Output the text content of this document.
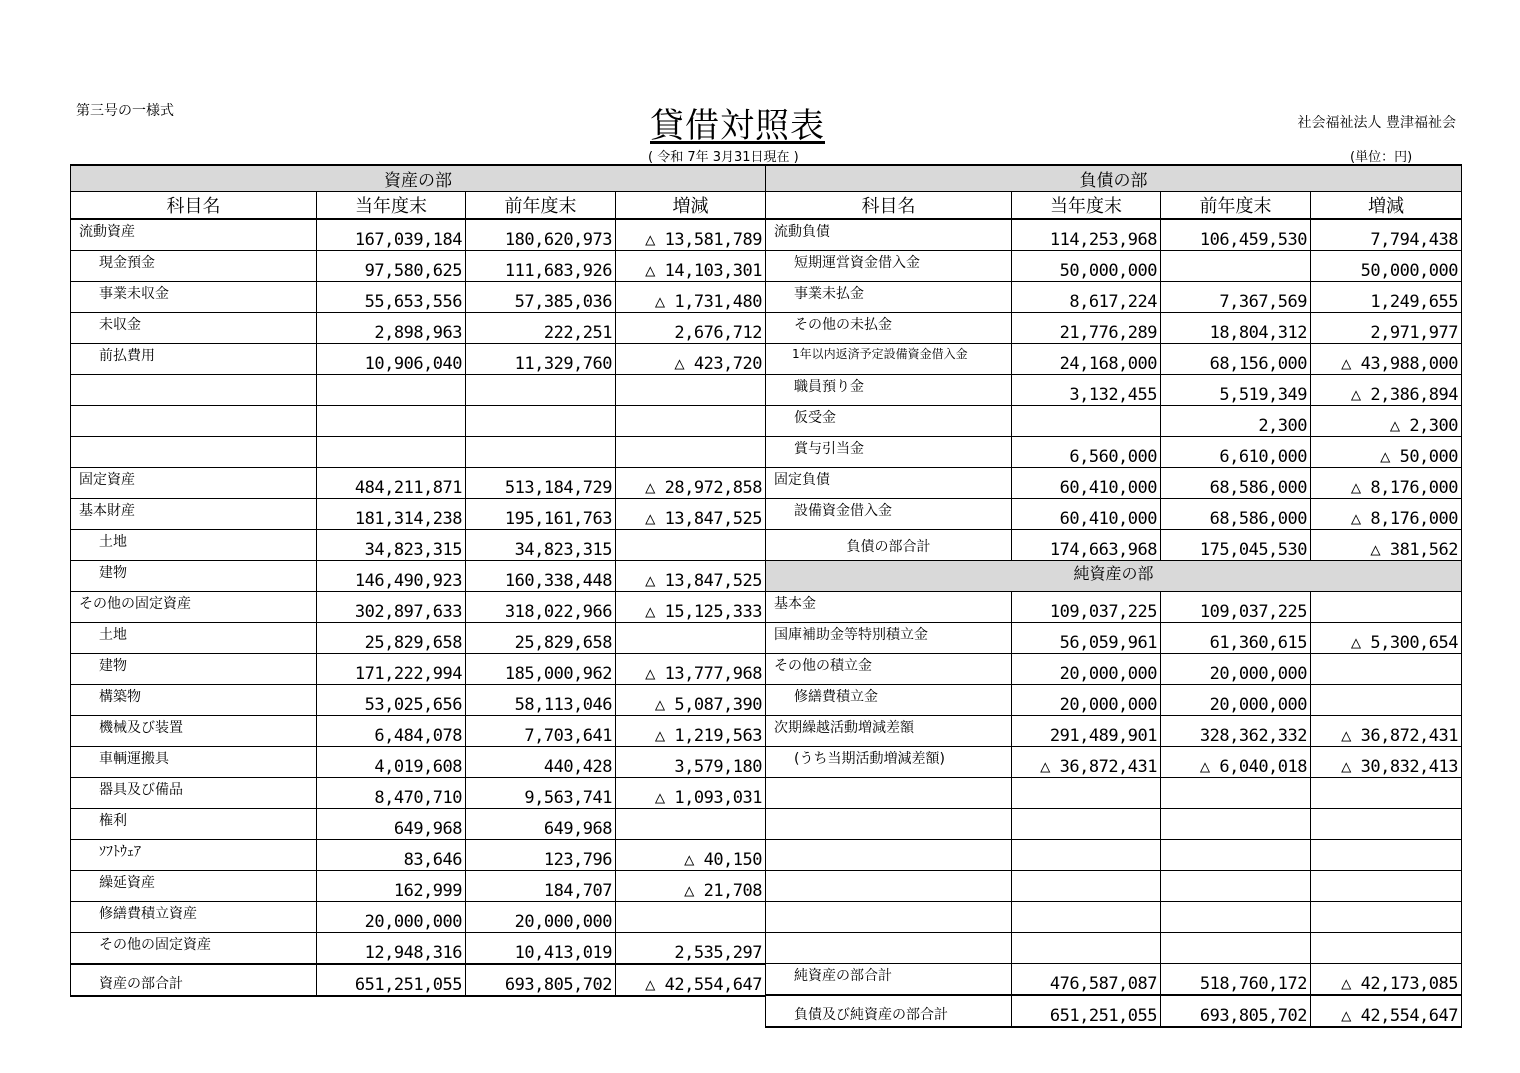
第三号の一様式	貸借対照表	社会福祉法人 豊津福祉会
( 令和 7年 3月31日現在 )	(単位：円)
資産の部			
科目名	当年度末	前年度末	増減

流動資産	167,039,184	180,620,973	△ 13,581,789

現金預金	97,580,625	111,683,926	△ 14,103,301

事業未収金	55,653,556	57,385,036	△ 1,731,480

未収金	2,898,963	222,251	2,676,712

前払費用	10,906,040	11,329,760	△ 423,720

固定資産	484,211,871	513,184,729	△ 28,972,858

基本財産	181,314,238	195,161,763	△ 13,847,525

土地	34,823,315	34,823,315	

建物	146,490,923	160,338,448	△ 13,847,525

その他の固定資産	302,897,633	318,022,966	△ 15,125,333

土地	25,829,658	25,829,658	

建物	171,222,994	185,000,962	△ 13,777,968

構築物	53,025,656	58,113,046	△ 5,087,390

機械及び装置	6,484,078	7,703,641	△ 1,219,563

車輌運搬具	4,019,608	440,428	3,579,180

器具及び備品	8,470,710	9,563,741	△ 1,093,031

権利	649,968	649,968	

ｿﾌﾄｳｪｱ	83,646	123,796	△ 40,150

繰延資産	162,999	184,707	△ 21,708

修繕費積立資産	20,000,000	20,000,000	

その他の固定資産	12,948,316	10,413,019	2,535,297

資産の部合計	651,251,055	693,805,702	△ 42,554,647
負債の部			
科目名	当年度末	前年度末	増減

流動負債	114,253,968	106,459,530	7,794,438

短期運営資金借入金	50,000,000		50,000,000

事業未払金	8,617,224	7,367,569	1,249,655

その他の未払金	21,776,289	18,804,312	2,971,977

1年以内返済予定設備資金借入金	24,168,000	68,156,000	△ 43,988,000

職員預り金	3,132,455	5,519,349	△ 2,386,894

仮受金		2,300	△ 2,300

賞与引当金	6,560,000	6,610,000	△ 50,000

固定負債	60,410,000	68,586,000	△ 8,176,000

設備資金借入金	60,410,000	68,586,000	△ 8,176,000

負債の部合計	174,663,968	175,045,530	△ 381,562
純資産の部			

基本金	109,037,225	109,037,225	

国庫補助金等特別積立金	56,059,961	61,360,615	△ 5,300,654

その他の積立金	20,000,000	20,000,000	

修繕費積立金	20,000,000	20,000,000	

次期繰越活動増減差額	291,489,901	328,362,332	△ 36,872,431

(うち当期活動増減差額)	△ 36,872,431	△ 6,040,018	△ 30,832,413

純資産の部合計	476,587,087	518,760,172	△ 42,173,085

負債及び純資産の部合計	651,251,055	693,805,702	△ 42,554,647
